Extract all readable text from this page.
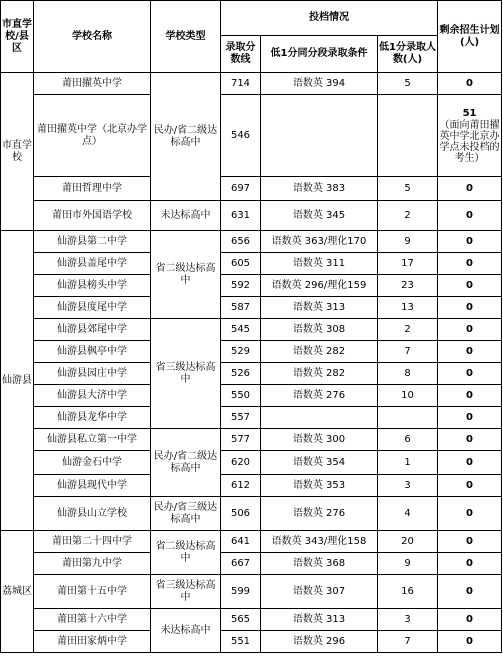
市直学校/县区	学校名称	学校类型	投档情况			剩余招生计划(人)
			录取分数线	低1分同分段录取条件	低1分录取人数(人)	
市直学校	莆田擢英中学	民办/省二级达标高中	714	语数英 394	5	0
	莆田擢英中学（北京办学点）		546			51
（面向莆田擢英中学北京办学点未投档的考生）

	莆田哲理中学		697	语数英 383	5	0
	莆田市外国语学校	未达标高中	631	语数英 345	2	0
仙游县	仙游县第二中学	省二级达标高中	656	语数英 363/理化170	9	0
	仙游县盖尾中学		605	语数英 311	17	0
	仙游县榜头中学		592	语数英 296/理化159	23	0
	仙游县度尾中学		587	语数英 313	13	0
	仙游县郊尾中学	省三级达标高中	545	语数英 308	2	0
	仙游县枫亭中学		529	语数英 282	7	0
	仙游县园庄中学		526	语数英 282	8	0
	仙游县大济中学		550	语数英 276	10	0
	仙游县龙华中学		557			0
	仙游县私立第一中学	民办/省二级达标高中	577	语数英 300	6	0
	仙游金石中学		620	语数英 354	1	0
	仙游县现代中学		612	语数英 353	3	0
	仙游县山立学校	民办/省三级达标高中	506	语数英 276	4	0
荔城区	莆田第二十四中学	省二级达标高中	641	语数英 343/理化158	20	0
	莆田第九中学		667	语数英 368	9	0
	莆田第十五中学	省三级达标高中	599	语数英 307	16	0
	莆田第十六中学	未达标高中	565	语数英 313	3	0
	莆田田家炳中学		551	语数英 296	7	0
